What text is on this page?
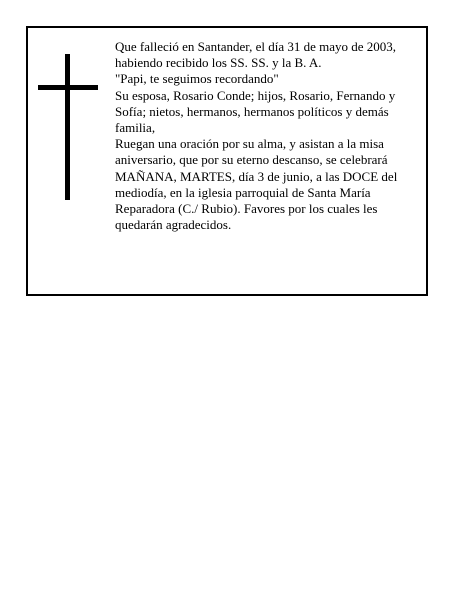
Que falleció en Santander, el día 31 de mayo de 2003, habiendo recibido los SS. SS. y la B. A.

"Papi, te seguimos recordando"

Su esposa, Rosario Conde; hijos, Rosario, Fernando y Sofía; nietos, hermanos, hermanos políticos y demás familia,

Ruegan una oración por su alma, y asistan a la misa aniversario, que por su eterno descanso, se celebrará MAÑANA, MARTES, día 3 de junio, a las DOCE del mediodía, en la iglesia parroquial de Santa María Reparadora (C./ Rubio). Favores por los cuales les quedarán agradecidos.
